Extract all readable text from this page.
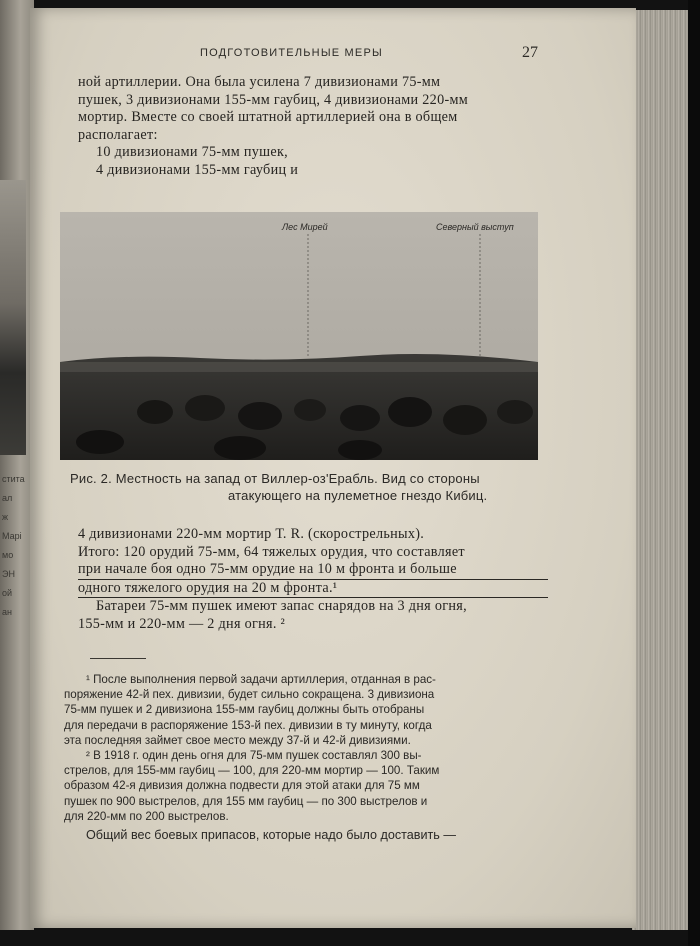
стита
ал
ж
Марі
мо
ЭН
ой
ан
ПОДГОТОВИТЕЛЬНЫЕ МЕРЫ	27
ной артиллерии. Она была усилена 7 дивизионами 75-мм
пушек, 3 дивизионами 155-мм гаубиц, 4 дивизионами 220-мм
мортир. Вместе со своей штатной артиллерией она в общем
располагает:
10 дивизионами 75-мм пушек,
4 дивизионами 155-мм гаубиц и
Лес Мирей	Северный выступ
Рис. 2. Местность на запад от Виллер-оз'Ерабль. Вид со стороны
атакующего на пулеметное гнездо Кибиц.
4 дивизионами 220-мм мортир Т. R. (скорострельных).
Итого: 120 орудий 75-мм, 64 тяжелых орудия, что составляет
при начале боя одно 75-мм орудие на 10 м фронта и больше
одного тяжелого орудия на 20 м фронта.¹
Батареи 75-мм пушек имеют запас снарядов на 3 дня огня,
155-мм и 220-мм — 2 дня огня. ²
¹ После выполнения первой задачи артиллерия, отданная в рас-
поряжение 42-й пех. дивизии, будет сильно сокращена. 3 дивизиона
75-мм пушек и 2 дивизиона 155-мм гаубиц должны быть отобраны
для передачи в распоряжение 153-й пех. дивизии в ту минуту, когда
эта последняя займет свое место между 37-й и 42-й дивизиями.
² В 1918 г. один день огня для 75-мм пушек составлял 300 вы-
стрелов, для 155-мм гаубиц — 100, для 220-мм мортир — 100. Таким
образом 42-я дивизия должна подвести для этой атаки для 75 мм
пушек по 900 выстрелов, для 155 мм гаубиц — по 300 выстрелов и
для 220-мм по 200 выстрелов.
Общий вес боевых припасов, которые надо было доставить —
